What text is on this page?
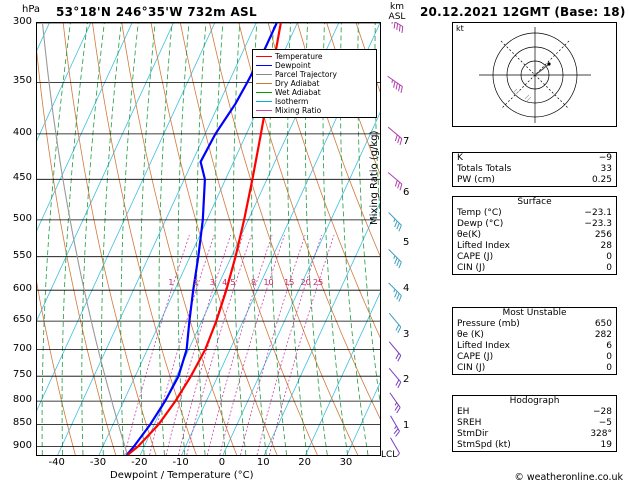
hPa 53°18'N 246°35'W 732m ASL	km
ASL	20.12.2021 12GMT (Base: 18)
Temperature
Dewpoint
Parcel Trajectory
Dry Adiabat
Wet Adiabat
Isotherm
Mixing Ratio
300
350
400
450
500
550
600
650
700
750
800
850
900
-40	-30	-20	-10	0	10	20	30
Dewpoint / Temperature (°C)
7
6
5
4
3
2
1
1 2 3 4 5 8 10 15 20 25
Mixing Ratio (g/kg)
LCL
kt
K	−9
Totals Totals	33
PW (cm)	0.25
Surface
Temp (°C)	−23.1
Dewp (°C)	−23.3
θe(K)	256
Lifted Index	28
CAPE (J)	0
CIN (J)	0
Most Unstable
Pressure (mb)	650
θe (K)	282
Lifted Index	6
CAPE (J)	0
CIN (J)	0
Hodograph
EH	−28
SREH	−5
StmDir	328°
StmSpd (kt)	19
© weatheronline.co.uk
